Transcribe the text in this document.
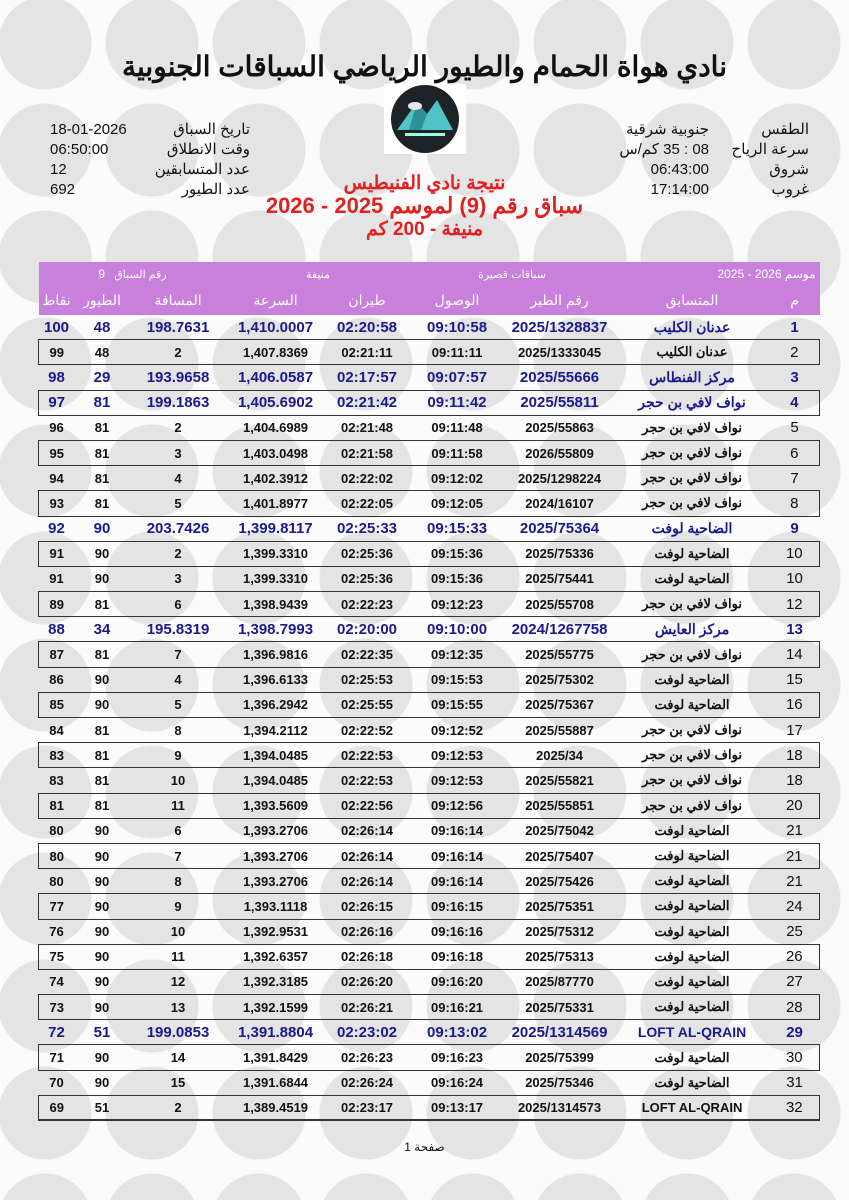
نادي هواة الحمام والطيور الرياضي السباقات الجنوبية
تاريخ السباق
18-01-2026
وقت الانطلاق
06:50:00
عدد المتسابقين
12
عدد الطيور
692
الطقس
جنوبية شرقية
سرعة الرياح
08 : 35 كم/س
شروق
06:43:00
غروب
17:14:00
نتيجة نادي الفنيطيس
سباق رقم (9) لموسم 2025 - 2026
منيفة - 200 كم
موسم 2026 - 2025		سباقات قصيرة		منيفة		رقم السباق   9		
م	المتسابق	رقم الطير	الوصول	طيران	السرعة	المسافة	الطيور	نقاط
1	عدنان الكليب	2025/1328837	09:10:58	02:20:58	1,410.0007	198.7631	48	100
2	عدنان الكليب	2025/1333045	09:11:11	02:21:11	1,407.8369	2	48	99
3	مركز الفنطاس	2025/55666	09:07:57	02:17:57	1,406.0587	193.9658	29	98
4	نواف لافي بن حجر	2025/55811	09:11:42	02:21:42	1,405.6902	199.1863	81	97
5	نواف لافي بن حجر	2025/55863	09:11:48	02:21:48	1,404.6989	2	81	96
6	نواف لافي بن حجر	2026/55809	09:11:58	02:21:58	1,403.0498	3	81	95
7	نواف لافي بن حجر	2025/1298224	09:12:02	02:22:02	1,402.3912	4	81	94
8	نواف لافي بن حجر	2024/16107	09:12:05	02:22:05	1,401.8977	5	81	93
9	الضاحية لوفت	2025/75364	09:15:33	02:25:33	1,399.8117	203.7426	90	92
10	الضاحية لوفت	2025/75336	09:15:36	02:25:36	1,399.3310	2	90	91
10	الضاحية لوفت	2025/75441	09:15:36	02:25:36	1,399.3310	3	90	91
12	نواف لافي بن حجر	2025/55708	09:12:23	02:22:23	1,398.9439	6	81	89
13	مركز العايش	2024/1267758	09:10:00	02:20:00	1,398.7993	195.8319	34	88
14	نواف لافي بن حجر	2025/55775	09:12:35	02:22:35	1,396.9816	7	81	87
15	الضاحية لوفت	2025/75302	09:15:53	02:25:53	1,396.6133	4	90	86
16	الضاحية لوفت	2025/75367	09:15:55	02:25:55	1,396.2942	5	90	85
17	نواف لافي بن حجر	2025/55887	09:12:52	02:22:52	1,394.2112	8	81	84
18	نواف لافي بن حجر	2025/34	09:12:53	02:22:53	1,394.0485	9	81	83
18	نواف لافي بن حجر	2025/55821	09:12:53	02:22:53	1,394.0485	10	81	83
20	نواف لافي بن حجر	2025/55851	09:12:56	02:22:56	1,393.5609	11	81	81
21	الضاحية لوفت	2025/75042	09:16:14	02:26:14	1,393.2706	6	90	80
21	الضاحية لوفت	2025/75407	09:16:14	02:26:14	1,393.2706	7	90	80
21	الضاحية لوفت	2025/75426	09:16:14	02:26:14	1,393.2706	8	90	80
24	الضاحية لوفت	2025/75351	09:16:15	02:26:15	1,393.1118	9	90	77
25	الضاحية لوفت	2025/75312	09:16:16	02:26:16	1,392.9531	10	90	76
26	الضاحية لوفت	2025/75313	09:16:18	02:26:18	1,392.6357	11	90	75
27	الضاحية لوفت	2025/87770	09:16:20	02:26:20	1,392.3185	12	90	74
28	الضاحية لوفت	2025/75331	09:16:21	02:26:21	1,392.1599	13	90	73
29	LOFT AL-QRAIN	2025/1314569	09:13:02	02:23:02	1,391.8804	199.0853	51	72
30	الضاحية لوفت	2025/75399	09:16:23	02:26:23	1,391.8429	14	90	71
31	الضاحية لوفت	2025/75346	09:16:24	02:26:24	1,391.6844	15	90	70
32	LOFT AL-QRAIN	2025/1314573	09:13:17	02:23:17	1,389.4519	2	51	69
صفحة 1
